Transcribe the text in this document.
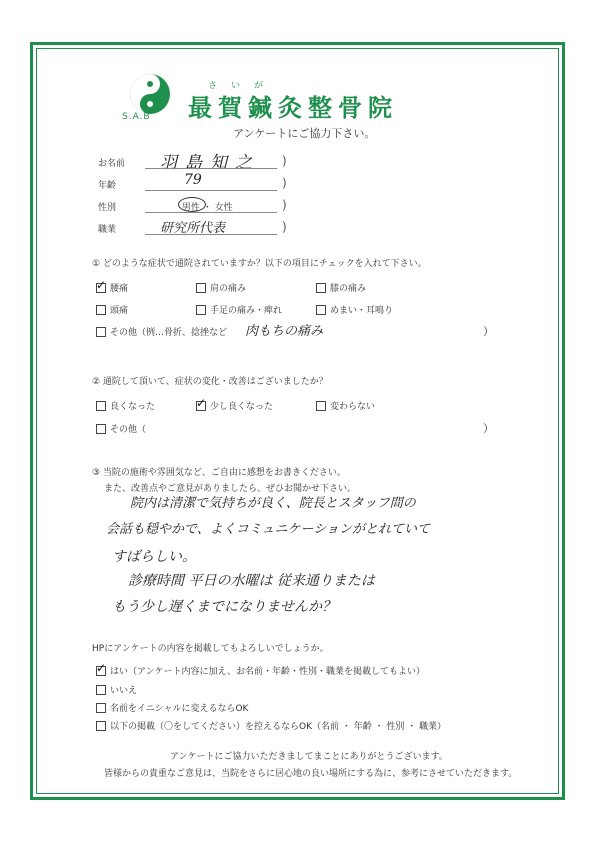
S.A.B
さいが
最賀鍼灸整骨院
アンケートにご協力下さい。
お名前 羽島知之 )
年齢	79	)
性別	男性 ・ 女性	)
職業	研究所代表	)
① どのような症状で通院されていますか？以下の項目にチェックを入れて下さい。
✓
腰痛	肩の痛み	膝の痛み
頭痛	手足の痛み・痺れ	めまい・耳鳴り
その他（例…骨折、捻挫など 肉もちの痛み	）
② 通院して頂いて、症状の変化・改善はございましたか？
良くなった ✓	少し良くなった	変わらない
その他（	）
③ 当院の施術や雰囲気など、ご自由に感想をお書きください。
また、改善点やご意見がありましたら、ぜひお聞かせ下さい。
院内は清潔で気持ちが良く、院長とスタッフ間の
会話も穏やかで、よくコミュニケーションがとれていて
すばらしい。
診療時間 平日の水曜は 従来通りまたは
もう少し遅くまでになりませんか？
HPにアンケートの内容を掲載してもよろしいでしょうか。
✓
はい（アンケート内容に加え、お名前・年齢・性別・職業を掲載してもよい）
いいえ
名前をイニシャルに変えるならOK
以下の掲載（〇をしてください）を控えるならOK（名前 ・ 年齢 ・ 性別 ・ 職業）
アンケートにご協力いただきましてまことにありがとうございます。
皆様からの貴重なご意見は、当院をさらに居心地の良い場所にする為に、参考にさせていただきます。
